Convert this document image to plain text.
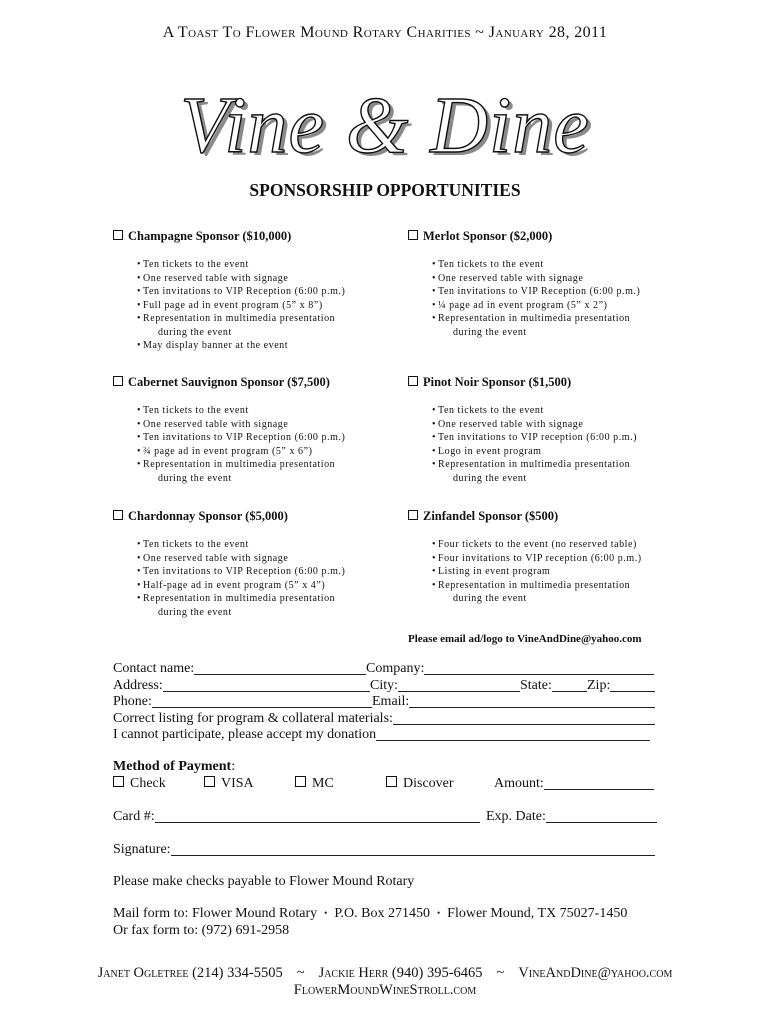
A Toast To Flower Mound Rotary Charities ~ January 28, 2011
Vine & Dine
SPONSORSHIP OPPORTUNITIES
Champagne Sponsor ($10,000)
• Ten tickets to the event
• One reserved table with signage
• Ten invitations to VIP Reception (6:00 p.m.)
• Full page ad in event program (5” x 8”)
• Representation in multimedia presentation
during the event
• May display banner at the event
Merlot Sponsor ($2,000)
• Ten tickets to the event
• One reserved table with signage
• Ten invitations to VIP Reception (6:00 p.m.)
• ¼ page ad in event program (5” x 2”)
• Representation in multimedia presentation
during the event
Cabernet Sauvignon Sponsor ($7,500)
• Ten tickets to the event
• One reserved table with signage
• Ten invitations to VIP Reception (6:00 p.m.)
• ¾ page ad in event program (5” x 6”)
• Representation in multimedia presentation
during the event
Pinot Noir Sponsor ($1,500)
• Ten tickets to the event
• One reserved table with signage
• Ten invitations to VIP reception (6:00 p.m.)
• Logo in event program
• Representation in multimedia presentation
during the event
Chardonnay Sponsor ($5,000)
• Ten tickets to the event
• One reserved table with signage
• Ten invitations to VIP Reception (6:00 p.m.)
• Half-page ad in event program (5” x 4”)
• Representation in multimedia presentation
during the event
Zinfandel Sponsor ($500)
• Four tickets to the event (no reserved table)
• Four invitations to VIP reception (6:00 p.m.)
• Listing in event program
• Representation in multimedia presentation
during the event
Please email ad/logo to VineAndDine@yahoo.com
Contact name:	Company:
Address:	City:	State:	Zip:
Phone:	Email:
Correct listing for program & collateral materials:
I cannot participate, please accept my donation
Method of Payment:
Check	VISA	MC	Discover	Amount:
Card #:	Exp. Date:
Signature:
Please make checks payable to Flower Mound Rotary
Mail form to: Flower Mound Rotary • P.O. Box 271450 • Flower Mound, TX 75027-1450
Or fax form to: (972) 691-2958
Janet Ogletree (214) 334-5505 ~ Jackie Herr (940) 395-6465 ~ VineAndDine@yahoo.com
FlowerMoundWineStroll.com
